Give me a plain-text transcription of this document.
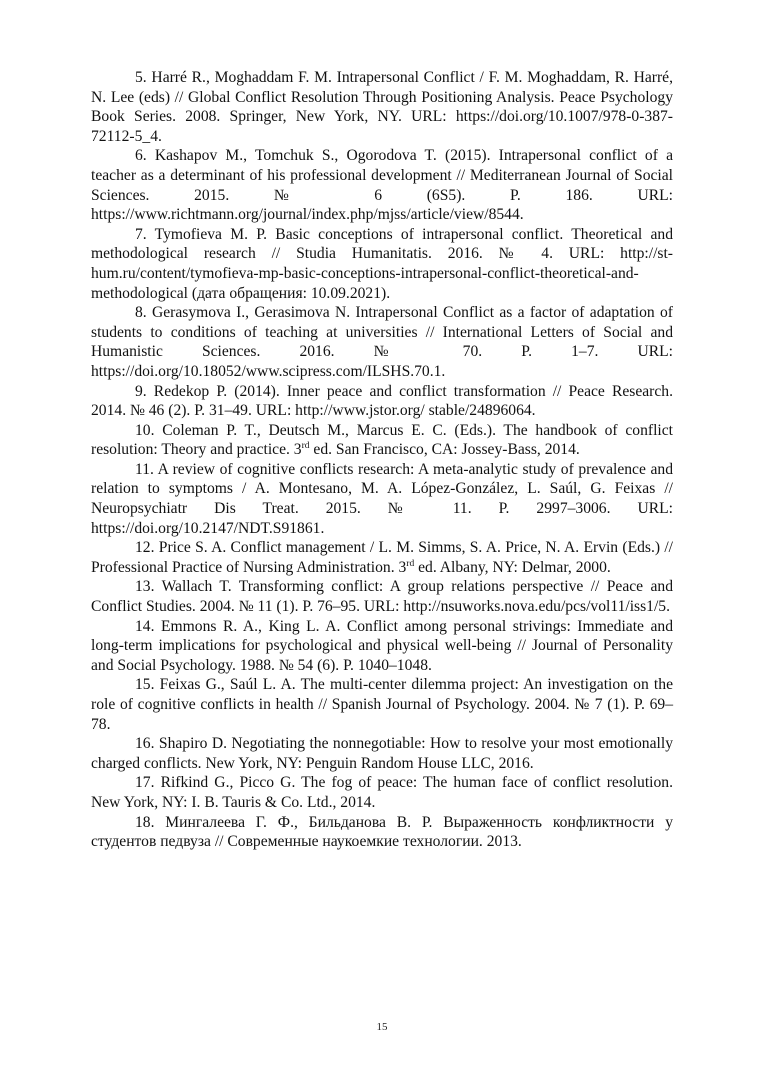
5. Harré R., Moghaddam F. M. Intrapersonal Conflict / F. M. Moghaddam, R. Harré, N. Lee (eds) // Global Conflict Resolution Through Positioning Analysis. Peace Psychology Book Series. 2008. Springer, New York, NY. URL: https://doi.org/10.1007/978-0-387-72112-5_4.

6. Kashapov M., Tomchuk S., Ogorodova T. (2015). Intrapersonal conflict of a teacher as a determinant of his professional development // Mediterranean Journal of Social Sciences. 2015. № 6 (6S5). P. 186. URL: https://www.richtmann.org/journal/index.php/mjss/article/view/8544.

7. Tymofieva M. P. Basic conceptions of intrapersonal conflict. Theoretical and methodological research // Studia Humanitatis. 2016. № 4. URL: http://st-hum.ru/content/tymofieva-mp-basic-conceptions-intrapersonal-conflict-theoretical-and-methodological (дата обращения: 10.09.2021).

8. Gerasymova I., Gerasimova N. Intrapersonal Conflict as a factor of adaptation of students to conditions of teaching at universities // International Letters of Social and Humanistic Sciences. 2016. № 70. P. 1–7. URL: https://doi.org/10.18052/www.scipress.com/ILSHS.70.1.

9. Redekop P. (2014). Inner peace and conflict transformation // Peace Research. 2014. № 46 (2). P. 31–49. URL: http://www.jstor.org/ stable/24896064.

10. Coleman P. T., Deutsch M., Marcus E. C. (Eds.). The handbook of conflict resolution: Theory and practice. 3rd ed. San Francisco, CA: Jossey-Bass, 2014.

11. A review of cognitive conflicts research: A meta-analytic study of prevalence and relation to symptoms / A. Montesano, M. A. López-González, L. Saúl, G. Feixas // Neuropsychiatr Dis Treat. 2015. № 11. P. 2997–3006. URL: https://doi.org/10.2147/NDT.S91861.

12. Price S. A. Conflict management / L. M. Simms, S. A. Price, N. A. Ervin (Eds.) // Professional Practice of Nursing Administration. 3rd ed. Albany, NY: Delmar, 2000.

13. Wallach T. Transforming conflict: A group relations perspective // Peace and Conflict Studies. 2004. № 11 (1). P. 76–95. URL: http://nsuworks.nova.edu/pcs/vol11/iss1/5.

14. Emmons R. A., King L. A. Conflict among personal strivings: Immediate and long-term implications for psychological and physical well-being // Journal of Personality and Social Psychology. 1988. № 54 (6). P. 1040–1048.

15. Feixas G., Saúl L. A. The multi-center dilemma project: An investigation on the role of cognitive conflicts in health // Spanish Journal of Psychology. 2004. № 7 (1). P. 69–78.

16. Shapiro D. Negotiating the nonnegotiable: How to resolve your most emotionally charged conflicts. New York, NY: Penguin Random House LLC, 2016.

17. Rifkind G., Picco G. The fog of peace: The human face of conflict resolution. New York, NY: I. B. Tauris & Co. Ltd., 2014.

18. Мингалеева Г. Ф., Бильданова В. Р. Выраженность конфликтности у студентов педвуза // Современные наукоемкие технологии. 2013.

15
